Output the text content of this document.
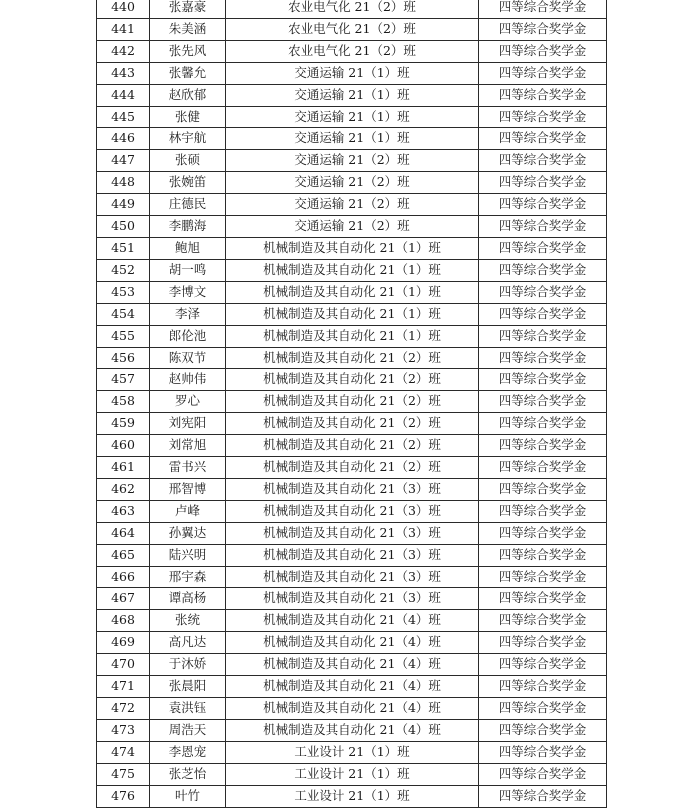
440	张嘉豪	农业电气化 21（2）班	四等综合奖学金
441	朱美涵	农业电气化 21（2）班	四等综合奖学金
442	张先风	农业电气化 21（2）班	四等综合奖学金
443	张馨允	交通运输 21（1）班	四等综合奖学金
444	赵欣郁	交通运输 21（1）班	四等综合奖学金
445	张健	交通运输 21（1）班	四等综合奖学金
446	林宇航	交通运输 21（1）班	四等综合奖学金
447	张硕	交通运输 21（2）班	四等综合奖学金
448	张婉笛	交通运输 21（2）班	四等综合奖学金
449	庄德民	交通运输 21（2）班	四等综合奖学金
450	李鹏海	交通运输 21（2）班	四等综合奖学金
451	鲍旭	机械制造及其自动化 21（1）班	四等综合奖学金
452	胡一鸣	机械制造及其自动化 21（1）班	四等综合奖学金
453	李博文	机械制造及其自动化 21（1）班	四等综合奖学金
454	李泽	机械制造及其自动化 21（1）班	四等综合奖学金
455	郎伦池	机械制造及其自动化 21（1）班	四等综合奖学金
456	陈双节	机械制造及其自动化 21（2）班	四等综合奖学金
457	赵帅伟	机械制造及其自动化 21（2）班	四等综合奖学金
458	罗心	机械制造及其自动化 21（2）班	四等综合奖学金
459	刘宪阳	机械制造及其自动化 21（2）班	四等综合奖学金
460	刘常旭	机械制造及其自动化 21（2）班	四等综合奖学金
461	雷书兴	机械制造及其自动化 21（2）班	四等综合奖学金
462	邢智博	机械制造及其自动化 21（3）班	四等综合奖学金
463	卢峰	机械制造及其自动化 21（3）班	四等综合奖学金
464	孙翼达	机械制造及其自动化 21（3）班	四等综合奖学金
465	陆兴明	机械制造及其自动化 21（3）班	四等综合奖学金
466	邢宇森	机械制造及其自动化 21（3）班	四等综合奖学金
467	谭高杨	机械制造及其自动化 21（3）班	四等综合奖学金
468	张统	机械制造及其自动化 21（4）班	四等综合奖学金
469	高凡达	机械制造及其自动化 21（4）班	四等综合奖学金
470	于沐娇	机械制造及其自动化 21（4）班	四等综合奖学金
471	张晨阳	机械制造及其自动化 21（4）班	四等综合奖学金
472	袁洪钰	机械制造及其自动化 21（4）班	四等综合奖学金
473	周浩天	机械制造及其自动化 21（4）班	四等综合奖学金
474	李恩宠	工业设计 21（1）班	四等综合奖学金
475	张芝怡	工业设计 21（1）班	四等综合奖学金
476	叶竹	工业设计 21（1）班	四等综合奖学金
